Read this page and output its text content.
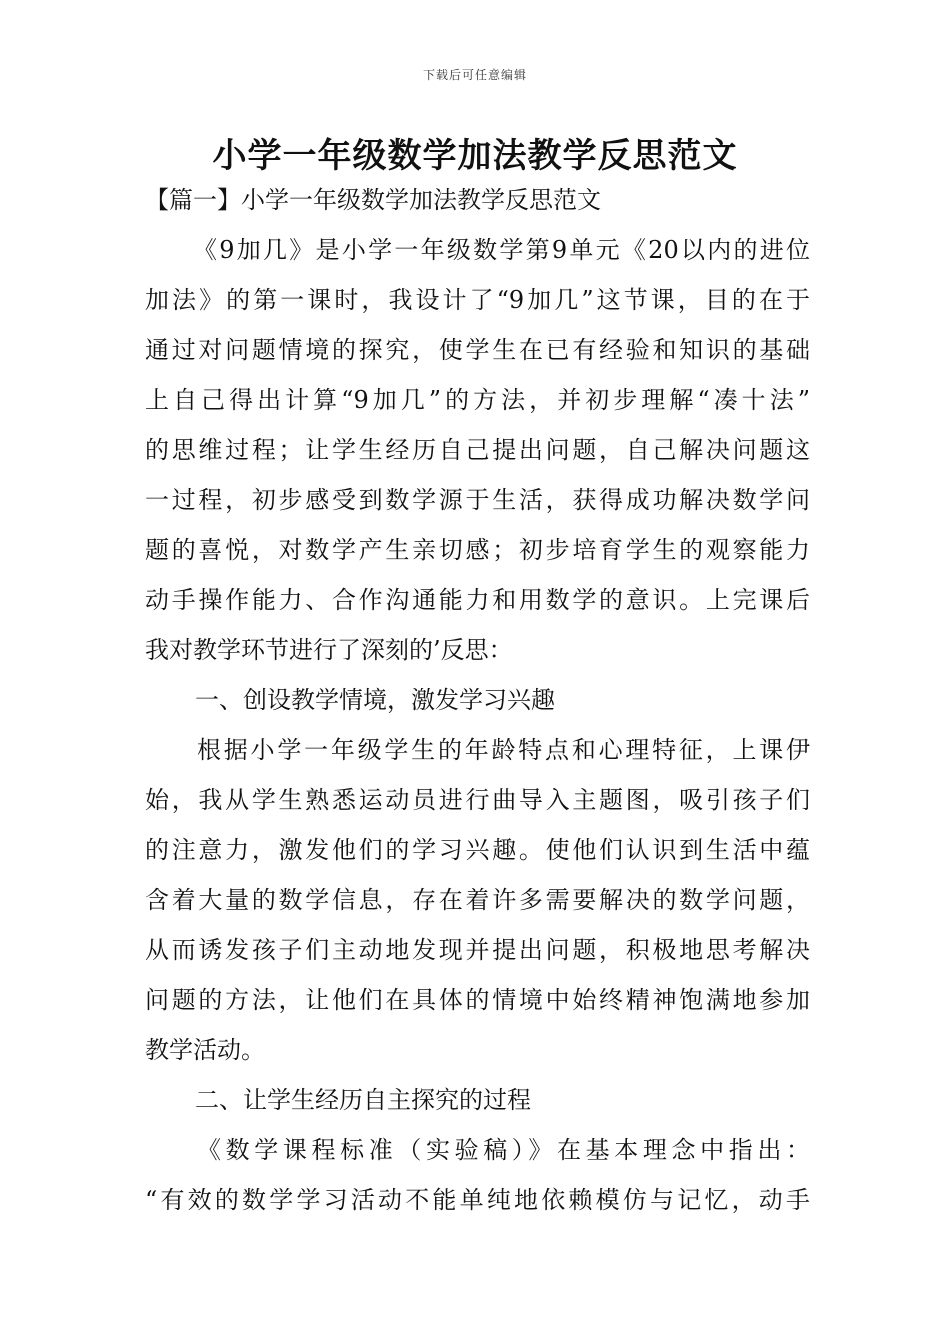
下载后可任意编辑
小学一年级数学加法教学反思范文
【篇一】小学一年级数学加法教学反思范文
《9加几》是小学一年级数学第9单元《20以内的进位
加法》的第一课时，我设计了“9加几”这节课，目的在于
通过对问题情境的探究，使学生在已有经验和知识的基础
上自己得出计算“9加几”的方法，并初步理解“凑十法”
的思维过程；让学生经历自己提出问题，自己解决问题这
一过程，初步感受到数学源于生活，获得成功解决数学问
题的喜悦，对数学产生亲切感；初步培育学生的观察能力
动手操作能力、合作沟通能力和用数学的意识。上完课后
我对教学环节进行了深刻的’反思：
一、创设教学情境，激发学习兴趣
根据小学一年级学生的年龄特点和心理特征，上课伊
始，我从学生熟悉运动员进行曲导入主题图，吸引孩子们
的注意力，激发他们的学习兴趣。使他们认识到生活中蕴
含着大量的数学信息，存在着许多需要解决的数学问题，
从而诱发孩子们主动地发现并提出问题，积极地思考解决
问题的方法，让他们在具体的情境中始终精神饱满地参加
教学活动。
二、让学生经历自主探究的过程
《数学课程标准（实验稿）》在基本理念中指出：
“有效的数学学习活动不能单纯地依赖模仿与记忆，动手
